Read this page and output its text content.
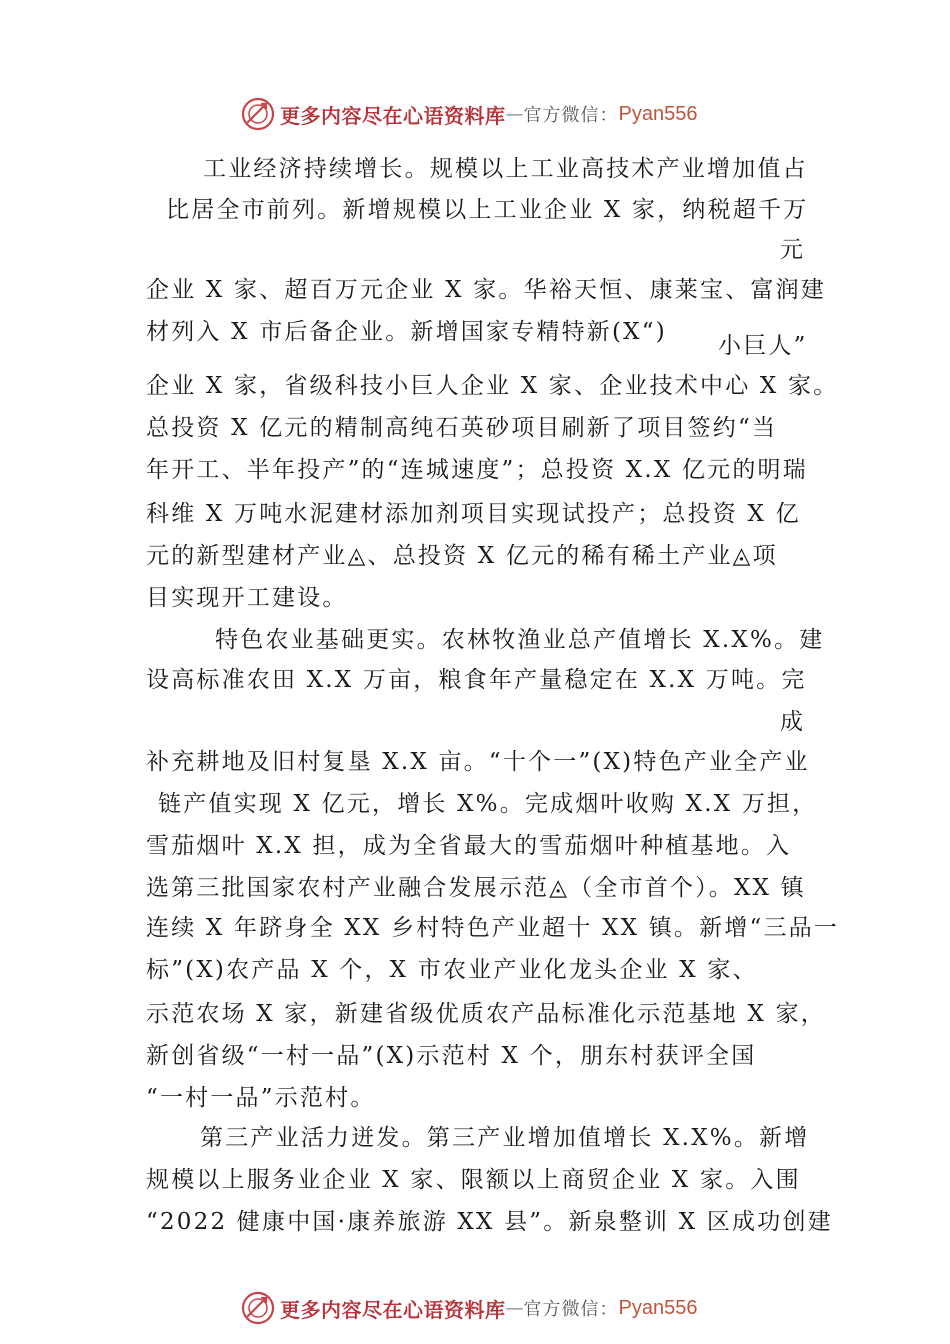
更多内容尽在心语资料库 — 官方微信： Pyan556
工业经济持续增长。规模以上工业高技术产业增加值占
比居全市前列。新增规模以上工业企业 X 家，纳税超千万
元
企业 X 家、超百万元企业 X 家。华裕天恒、康莱宝、富润建
材列入 X 市后备企业。新增国家专精特新(X“)
小巨人”
企业 X 家，省级科技小巨人企业 X 家、企业技术中心 X 家。
总投资 X 亿元的精制高纯石英砂项目刷新了项目签约“当
年开工、半年投产”的“连城速度”；总投资 X.X 亿元的明瑞
科维 X 万吨水泥建材添加剂项目实现试投产；总投资 X 亿
元的新型建材产业◬、总投资 X 亿元的稀有稀土产业◬项
目实现开工建设。
特色农业基础更实。农林牧渔业总产值增长 X.X%。建
设高标准农田 X.X 万亩，粮食年产量稳定在 X.X 万吨。完
成
补充耕地及旧村复垦 X.X 亩。“十个一”(X)特色产业全产业
链产值实现 X 亿元，增长 X%。完成烟叶收购 X.X 万担，
雪茄烟叶 X.X 担，成为全省最大的雪茄烟叶种植基地。入
选第三批国家农村产业融合发展示范◬（全市首个）。XX 镇
连续 X 年跻身全 XX 乡村特色产业超十 XX 镇。新增“三品一
标”(X)农产品 X 个，X 市农业产业化龙头企业 X 家、
示范农场 X 家，新建省级优质农产品标准化示范基地 X 家，
新创省级“一村一品”(X)示范村 X 个，朋东村获评全国
“一村一品”示范村。
第三产业活力迸发。第三产业增加值增长 X.X%。新增
规模以上服务业企业 X 家、限额以上商贸企业 X 家。入围
“2022 健康中国·康养旅游 XX 县”。新泉整训 X 区成功创建
更多内容尽在心语资料库 — 官方微信： Pyan556
